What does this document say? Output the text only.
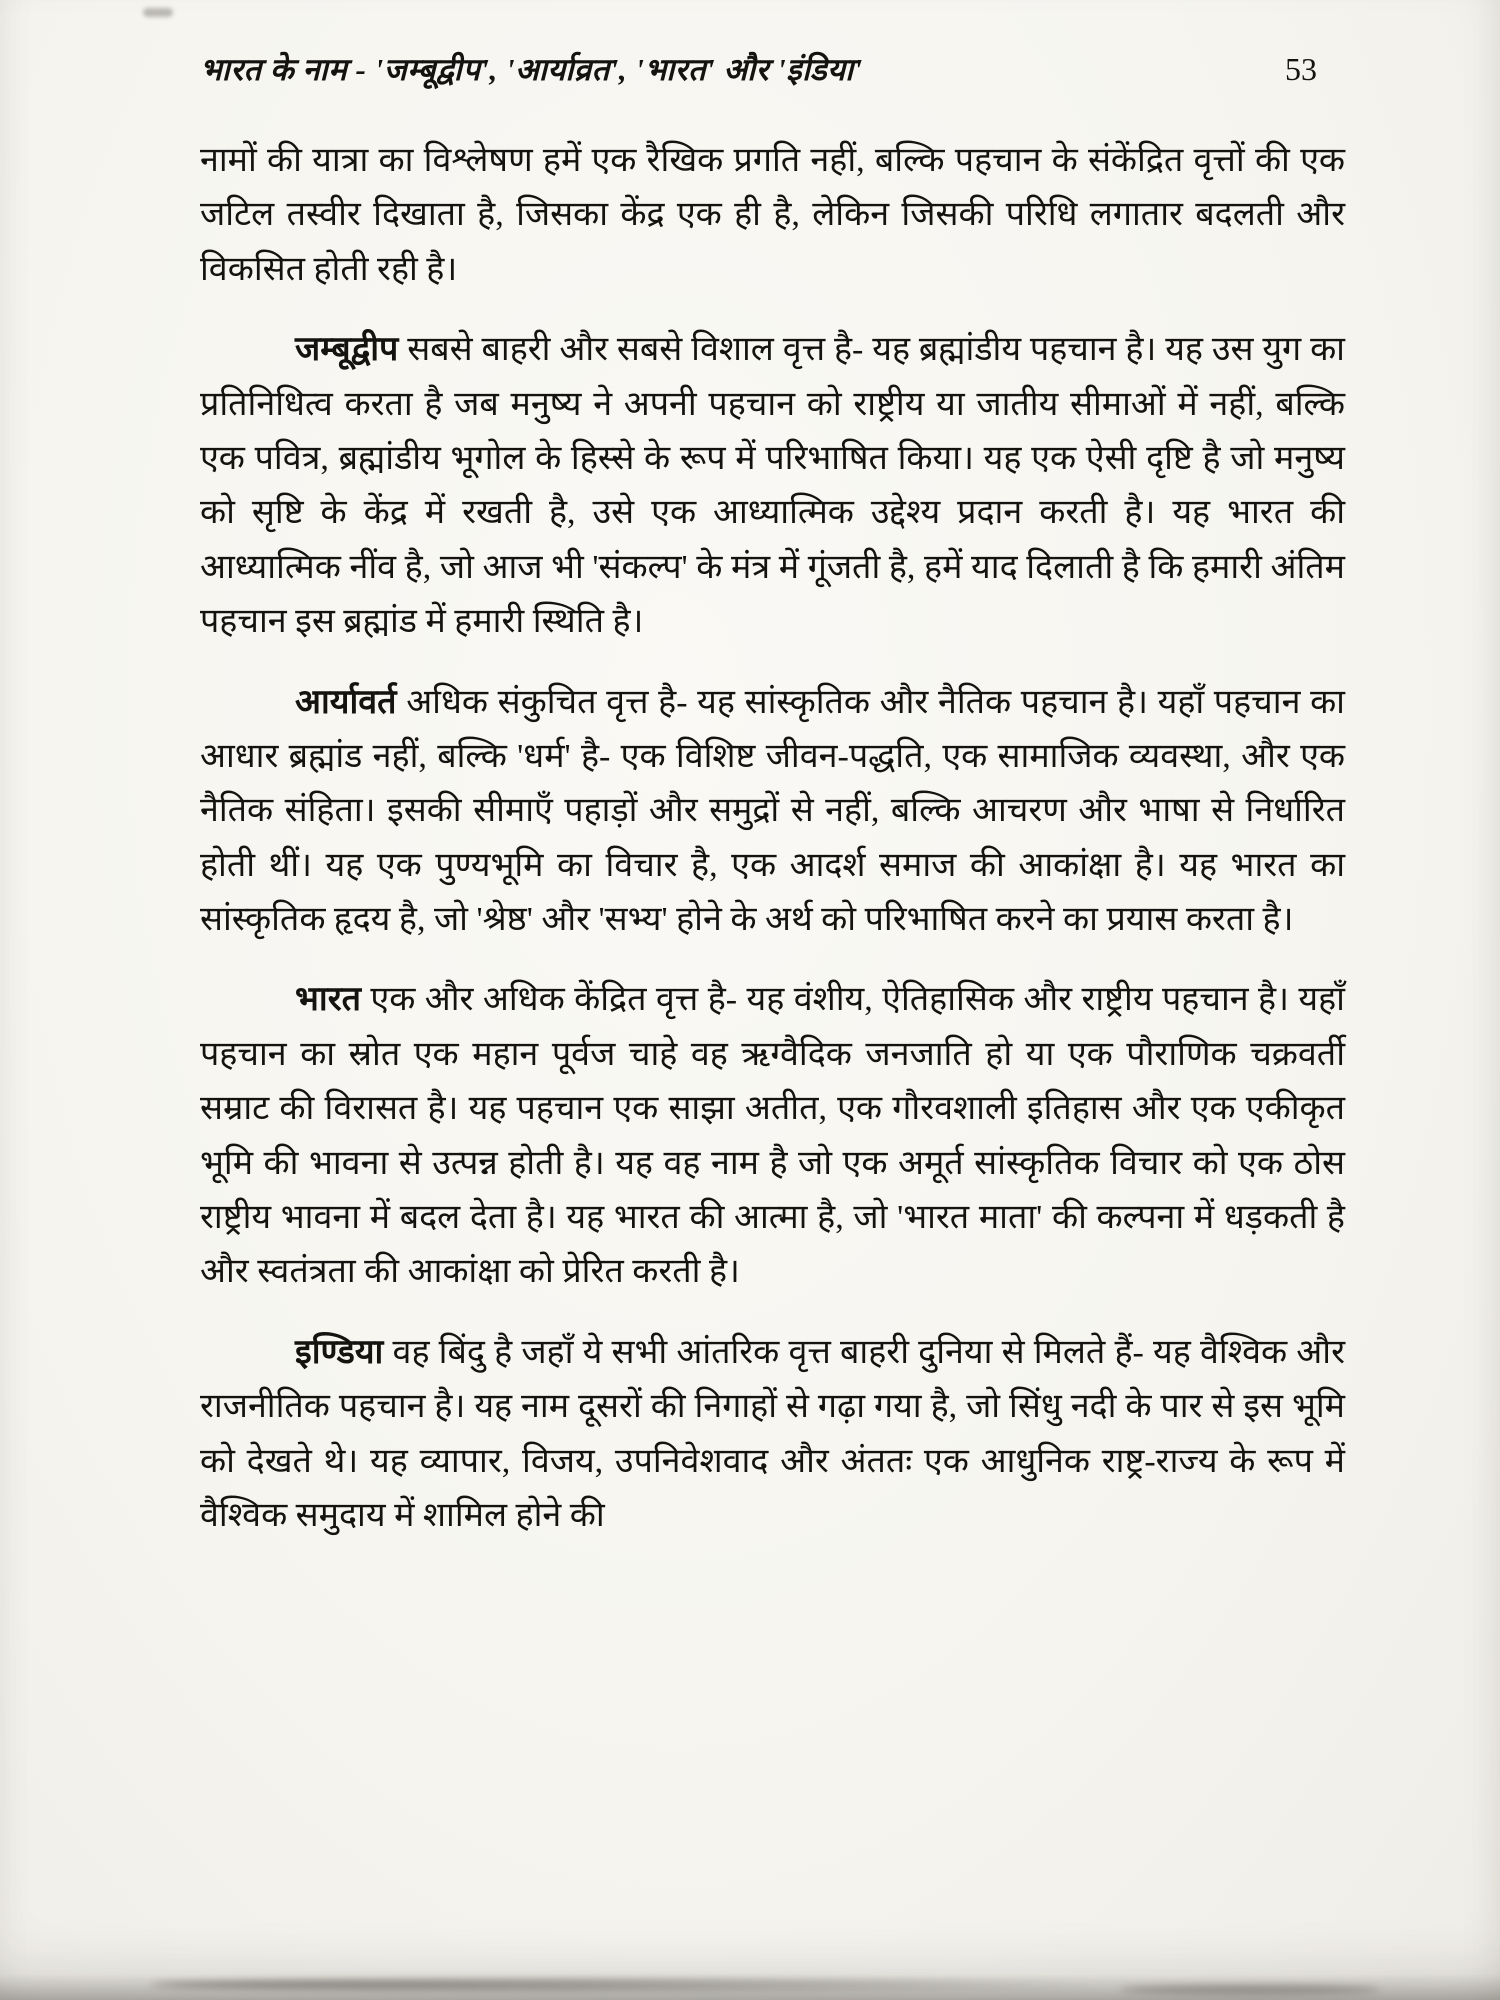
भारत के नाम - 'जम्बूद्वीप', 'आर्याव्रत', 'भारत' और 'इंडिया'	53

नामों की यात्रा का विश्लेषण हमें एक रैखिक प्रगति नहीं, बल्कि पहचान के संकेंद्रित वृत्तों की एक जटिल तस्वीर दिखाता है, जिसका केंद्र एक ही है, लेकिन जिसकी परिधि लगातार बदलती और विकसित होती रही है।

जम्बूद्वीप सबसे बाहरी और सबसे विशाल वृत्त है- यह ब्रह्मांडीय पहचान है। यह उस युग का प्रतिनिधित्व करता है जब मनुष्य ने अपनी पहचान को राष्ट्रीय या जातीय सीमाओं में नहीं, बल्कि एक पवित्र, ब्रह्मांडीय भूगोल के हिस्से के रूप में परिभाषित किया। यह एक ऐसी दृष्टि है जो मनुष्य को सृष्टि के केंद्र में रखती है, उसे एक आध्यात्मिक उद्देश्य प्रदान करती है। यह भारत की आध्यात्मिक नींव है, जो आज भी 'संकल्प' के मंत्र में गूंजती है, हमें याद दिलाती है कि हमारी अंतिम पहचान इस ब्रह्मांड में हमारी स्थिति है।

आर्यावर्त अधिक संकुचित वृत्त है- यह सांस्कृतिक और नैतिक पहचान है। यहाँ पहचान का आधार ब्रह्मांड नहीं, बल्कि 'धर्म' है- एक विशिष्ट जीवन-पद्धति, एक सामाजिक व्यवस्था, और एक नैतिक संहिता। इसकी सीमाएँ पहाड़ों और समुद्रों से नहीं, बल्कि आचरण और भाषा से निर्धारित होती थीं। यह एक पुण्यभूमि का विचार है, एक आदर्श समाज की आकांक्षा है। यह भारत का सांस्कृतिक हृदय है, जो 'श्रेष्ठ' और 'सभ्य' होने के अर्थ को परिभाषित करने का प्रयास करता है।

भारत एक और अधिक केंद्रित वृत्त है- यह वंशीय, ऐतिहासिक और राष्ट्रीय पहचान है। यहाँ पहचान का स्रोत एक महान पूर्वज चाहे वह ऋग्वैदिक जनजाति हो या एक पौराणिक चक्रवर्ती सम्राट की विरासत है। यह पहचान एक साझा अतीत, एक गौरवशाली इतिहास और एक एकीकृत भूमि की भावना से उत्पन्न होती है। यह वह नाम है जो एक अमूर्त सांस्कृतिक विचार को एक ठोस राष्ट्रीय भावना में बदल देता है। यह भारत की आत्मा है, जो 'भारत माता' की कल्पना में धड़कती है और स्वतंत्रता की आकांक्षा को प्रेरित करती है।

इण्डिया वह बिंदु है जहाँ ये सभी आंतरिक वृत्त बाहरी दुनिया से मिलते हैं- यह वैश्विक और राजनीतिक पहचान है। यह नाम दूसरों की निगाहों से गढ़ा गया है, जो सिंधु नदी के पार से इस भूमि को देखते थे। यह व्यापार, विजय, उपनिवेशवाद और अंततः एक आधुनिक राष्ट्र-राज्य के रूप में वैश्विक समुदाय में शामिल होने की
